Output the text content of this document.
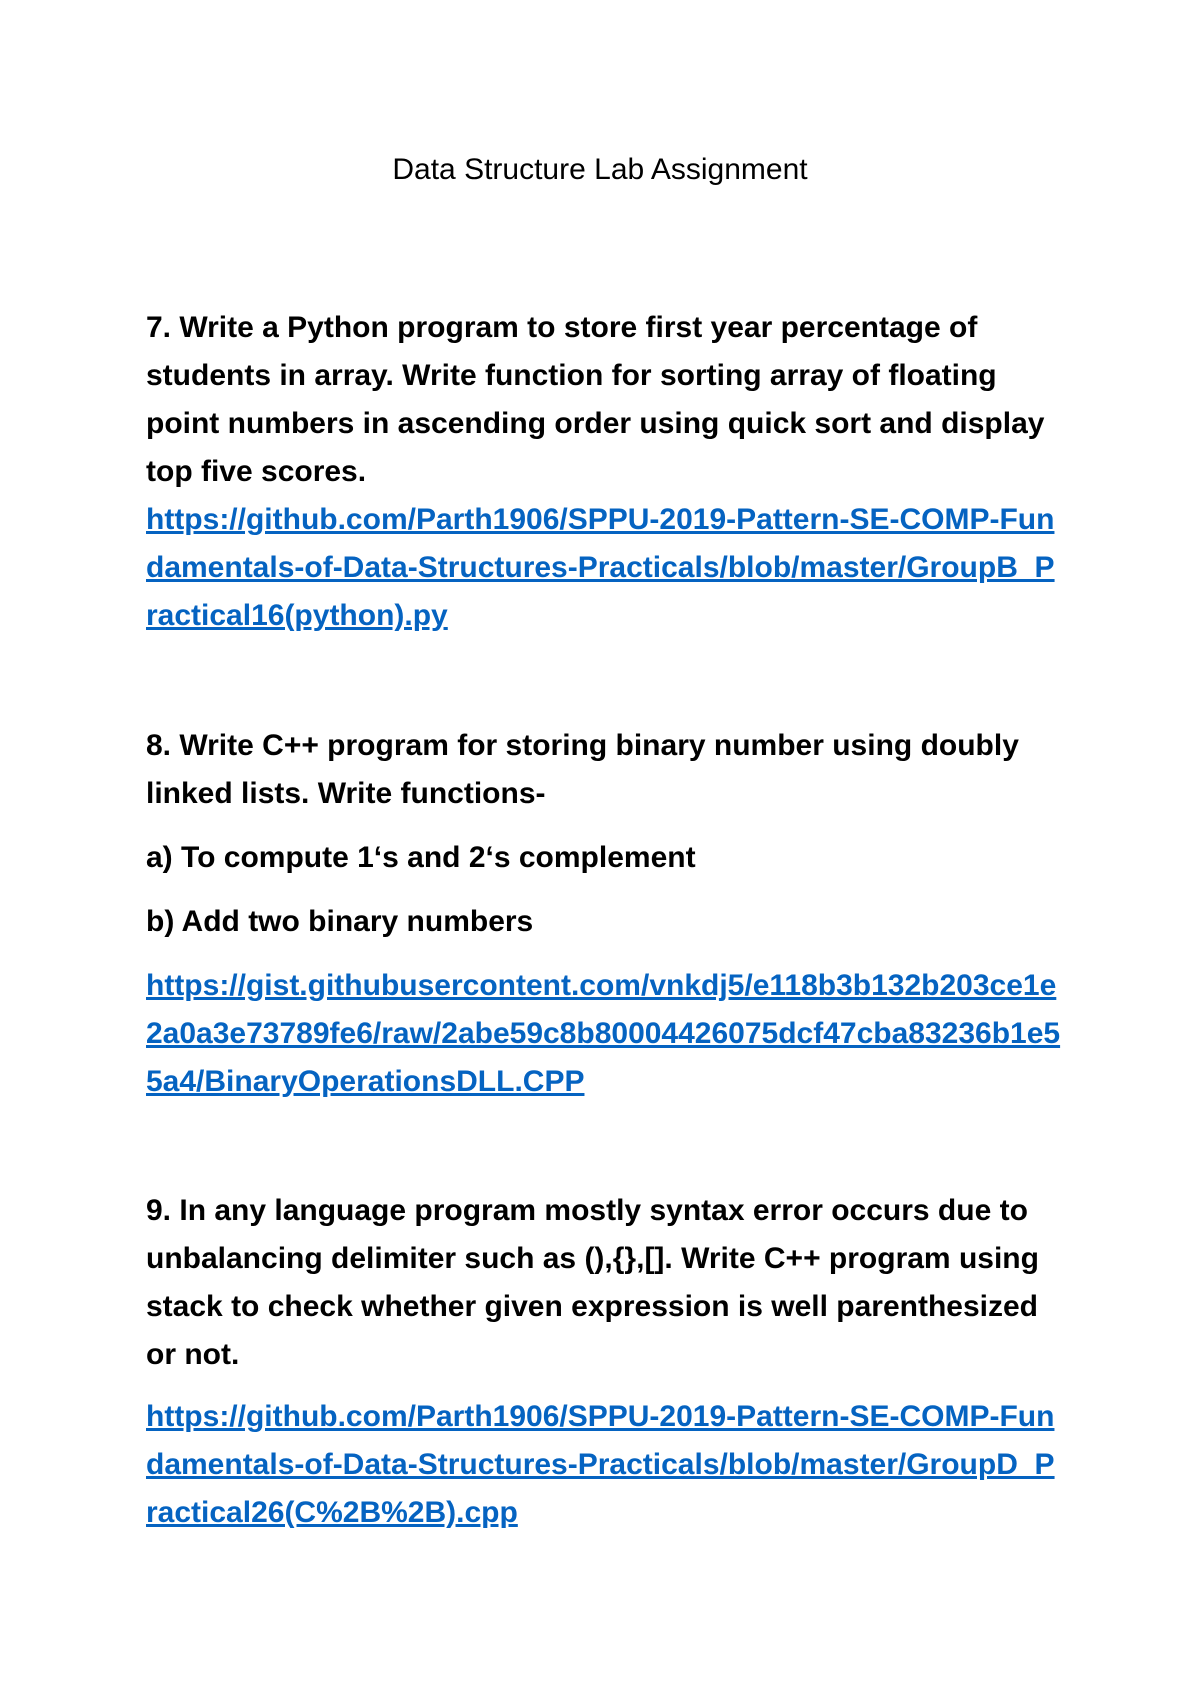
Data Structure Lab Assignment

7. Write a Python program to store first year percentage of students in array. Write function for sorting array of floating point numbers in ascending order using quick sort and display top five scores.

https://github.com/Parth1906/SPPU-2019-Pattern-SE-COMP-Fundamentals-of-Data-Structures-Practicals/blob/master/GroupB_Practical16(python).py

8. Write C++ program for storing binary number using doubly linked lists. Write functions-

a) To compute 1‘s and 2‘s complement

b) Add two binary numbers

https://gist.githubusercontent.com/vnkdj5/e118b3b132b203ce1e2a0a3e73789fe6/raw/2abe59c8b80004426075dcf47cba83236b1e55a4/BinaryOperationsDLL.CPP

9. In any language program mostly syntax error occurs due to unbalancing delimiter such as (),{},[]. Write C++ program using stack to check whether given expression is well parenthesized or not.

https://github.com/Parth1906/SPPU-2019-Pattern-SE-COMP-Fundamentals-of-Data-Structures-Practicals/blob/master/GroupD_Practical26(C%2B%2B).cpp
